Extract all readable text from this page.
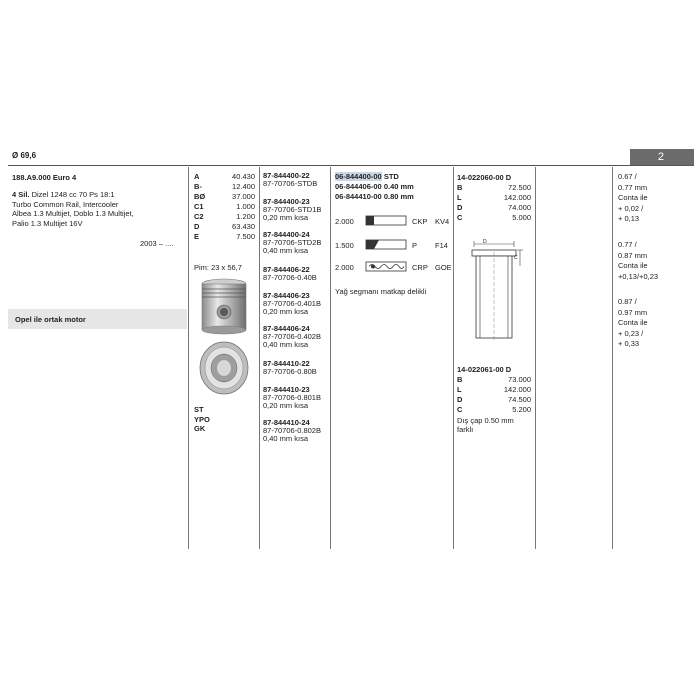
Ø 69,6	2
188.A9.000 Euro 4
4 Sil. Dizel 1248 cc 70 Ps 18:1
Turbo Common Rail, Intercooler
Albea 1.3 Multijet, Doblo 1.3 Multijet,
Palio 1.3 Multijet 16V
2003 – ....
Opel ile ortak motor
A	40.430
B-	12.400
BØ	37.000
C1	1.000
C2	1.200
D	63.430
E	7.500
Pim: 23 x 56,7
ST
YPO
GK
87-844400-22
87-70706-STDB
87-844400-23
87-70706-STD1B
0,20 mm kısa
87-844400-24
87-70706-STD2B
0,40 mm kısa
87-844406-22
87-70706-0.40B
87-844406-23
87-70706-0.401B
0,20 mm kısa
87-844406-24
87-70706-0.402B
0,40 mm kısa
87-844410-22
87-70706-0.80B
87-844410-23
87-70706-0.801B
0,20 mm kısa
87-844410-24
87-70706-0.802B
0,40 mm kısa
06-844400-00 STD
06-844406-00 0.40 mm
06-844410-00 0.80 mm
2.000	CKP KV4
1.500	P F14
2.000	CRP GOE
Yağ segmanı matkap delikli
14-022060-00 D
B	72.500
L	142.000
D	74.000
C	5.000
D
C
14-022061-00 D
B	73.000
L	142.000
D	74.500
C	5.200
Dış çap 0.50 mm
farklı
0.67 /
0.77 mm
Conta ile
+ 0,02 /
+ 0,13
0.77 /
0.87 mm
Conta ile
+0,13/+0,23
0.87 /
0.97 mm
Conta ile
+ 0,23 /
+ 0,33
